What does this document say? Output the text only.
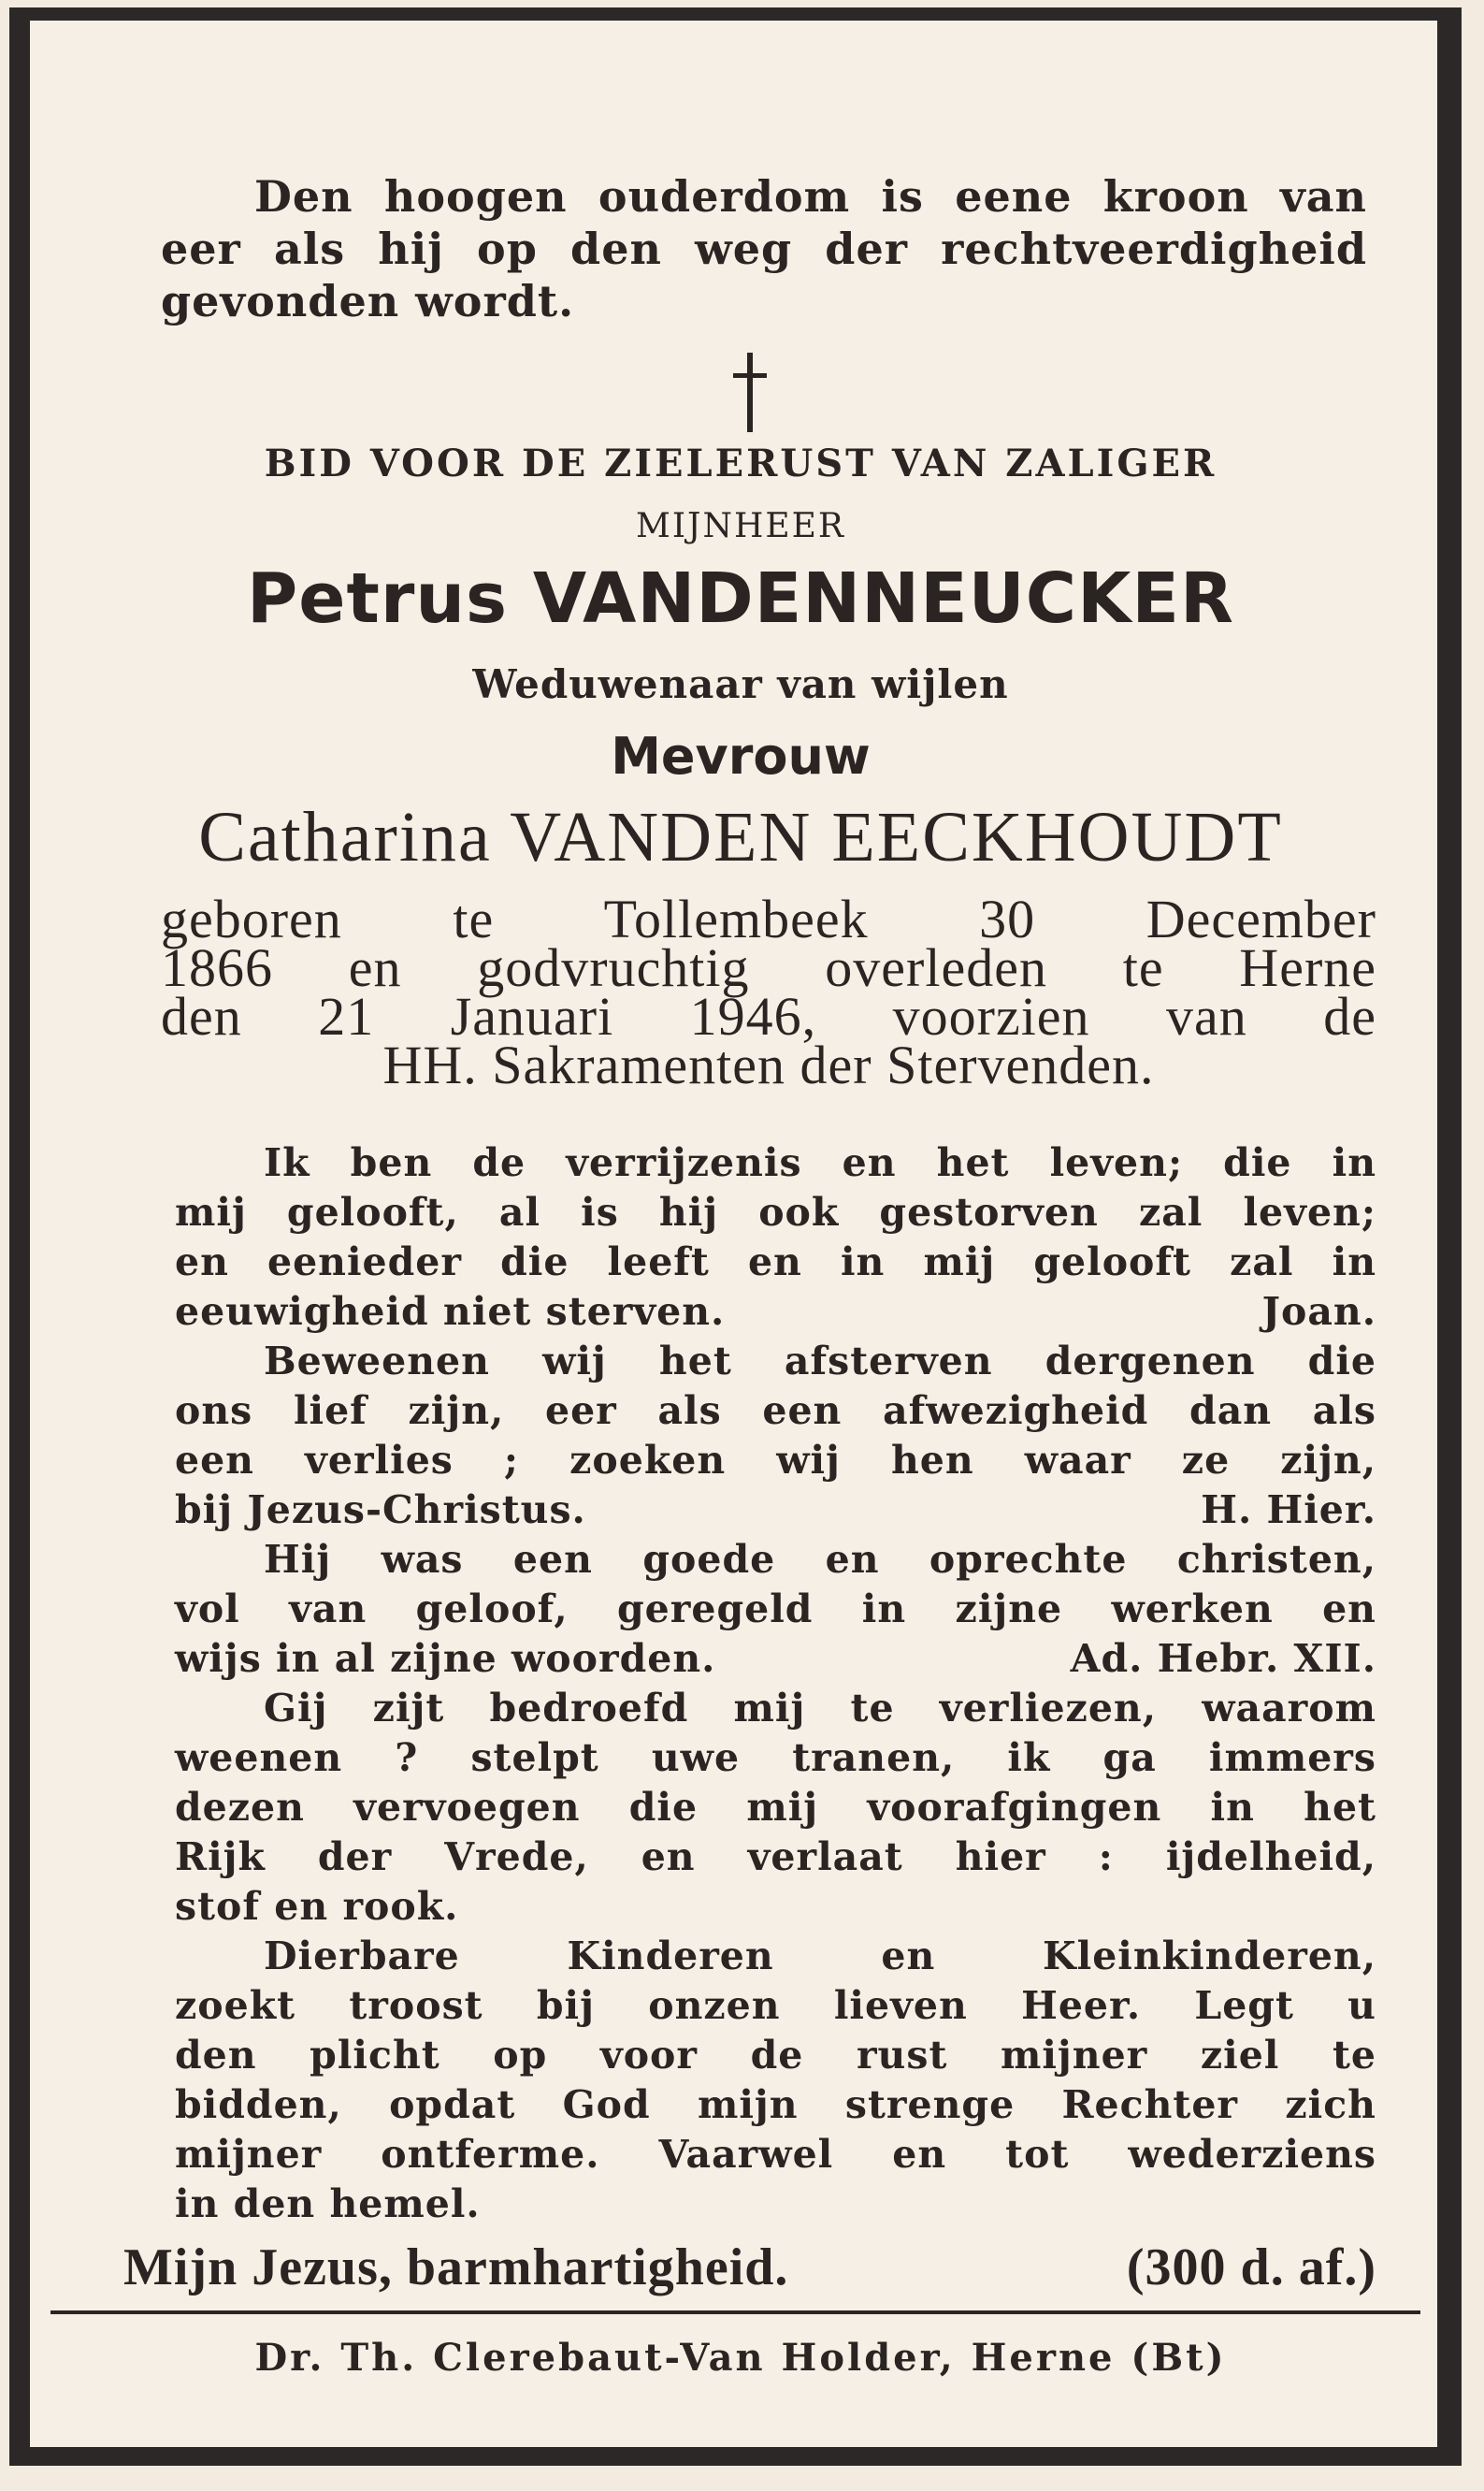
Den hoogen ouderdom is eene kroon van
eer als hij op den weg der rechtveerdigheid
gevonden wordt.
BID VOOR DE ZIELERUST VAN ZALIGER
MIJNHEER
Petrus VANDENNEUCKER
Weduwenaar van wijlen
Mevrouw
Catharina VANDEN EECKHOUDT
geboren te Tollembeek 30 December
1866 en godvruchtig overleden te Herne
den 21 Januari 1946, voorzien van de
HH. Sakramenten der Stervenden.
Ik ben de verrijzenis en het leven; die in
mij gelooft, al is hij ook gestorven zal leven;
en eenieder die leeft en in mij gelooft zal in
eeuwigheid niet sterven.	Joan.
Beweenen wij het afsterven dergenen die
ons lief zijn, eer als een afwezigheid dan als
een verlies ; zoeken wij hen waar ze zijn,
bij Jezus-Christus.	H. Hier.
Hij was een goede en oprechte christen,
vol van geloof, geregeld in zijne werken en
wijs in al zijne woorden.	Ad. Hebr. XII.
Gij zijt bedroefd mij te verliezen, waarom
weenen ? stelpt uwe tranen, ik ga immers
dezen vervoegen die mij voorafgingen in het
Rijk der Vrede, en verlaat hier : ijdelheid,
stof en rook.
Dierbare Kinderen en Kleinkinderen,
zoekt troost bij onzen lieven Heer. Legt u
den plicht op voor de rust mijner ziel te
bidden, opdat God mijn strenge Rechter zich
mijner ontferme. Vaarwel en tot wederziens
in den hemel.
Mijn Jezus, barmhartigheid.	(300 d. af.)
Dr. Th. Clerebaut-Van Holder, Herne (Bt)
